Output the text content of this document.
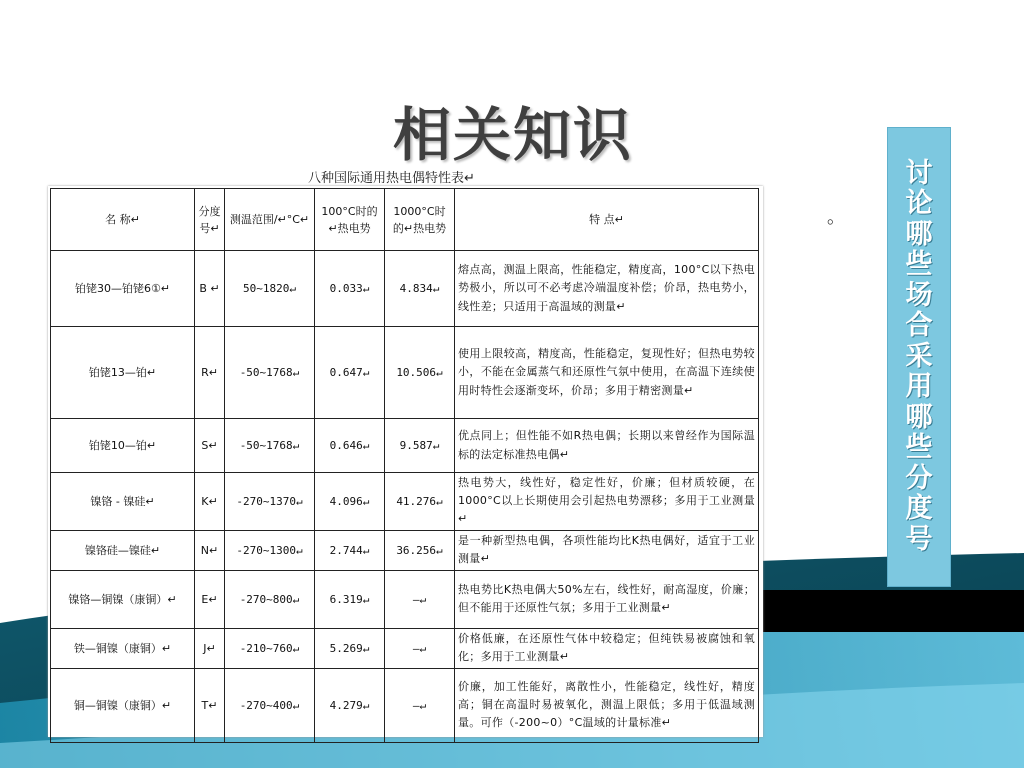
相关知识
八种国际通用热电偶特性表↵	讨
论
哪
些
场
合
采
用
哪
些
分
度
号
。
名 称↵	分度号↵	测温范围/↵°C↵	100°C时的↵热电势	1000°C时的↵热电势	特 点↵
铂铑30—铂铑6①↵	B ↵	50~1820↵	0.033↵	4.834↵	熔点高，测温上限高，性能稳定，精度高，100°C以下热电势极小，所以可不必考虑冷端温度补偿；价昂，热电势小，线性差；只适用于高温域的测量↵
铂铑13—铂↵	R↵	-50~1768↵	0.647↵	10.506↵	使用上限较高，精度高，性能稳定，复现性好；但热电势较小，不能在金属蒸气和还原性气氛中使用，在高温下连续使用时特性会逐渐变坏，价昂；多用于精密测量↵
铂铑10—铂↵	S↵	-50~1768↵	0.646↵	9.587↵	优点同上；但性能不如R热电偶；长期以来曾经作为国际温标的法定标准热电偶↵
镍铬 - 镍硅↵	K↵	-270~1370↵	4.096↵	41.276↵	热电势大，线性好，稳定性好，价廉；但材质较硬，在1000°C以上长期使用会引起热电势漂移；多用于工业测量↵
镍铬硅—镍硅↵	N↵	-270~1300↵	2.744↵	36.256↵	是一种新型热电偶，各项性能均比K热电偶好，适宜于工业测量↵
镍铬—铜镍（康铜）↵	E↵	-270~800↵	6.319↵	—↵	热电势比K热电偶大50%左右，线性好，耐高湿度，价廉；但不能用于还原性气氛；多用于工业测量↵
铁—铜镍（康铜）↵	J↵	-210~760↵	5.269↵	—↵	价格低廉，在还原性气体中较稳定；但纯铁易被腐蚀和氧化；多用于工业测量↵
铜—铜镍（康铜）↵	T↵	-270~400↵	4.279↵	—↵	价廉，加工性能好，离散性小，性能稳定，线性好，精度高；铜在高温时易被氧化，测温上限低；多用于低温域测量。可作（-200~0）°C温域的计量标准↵
